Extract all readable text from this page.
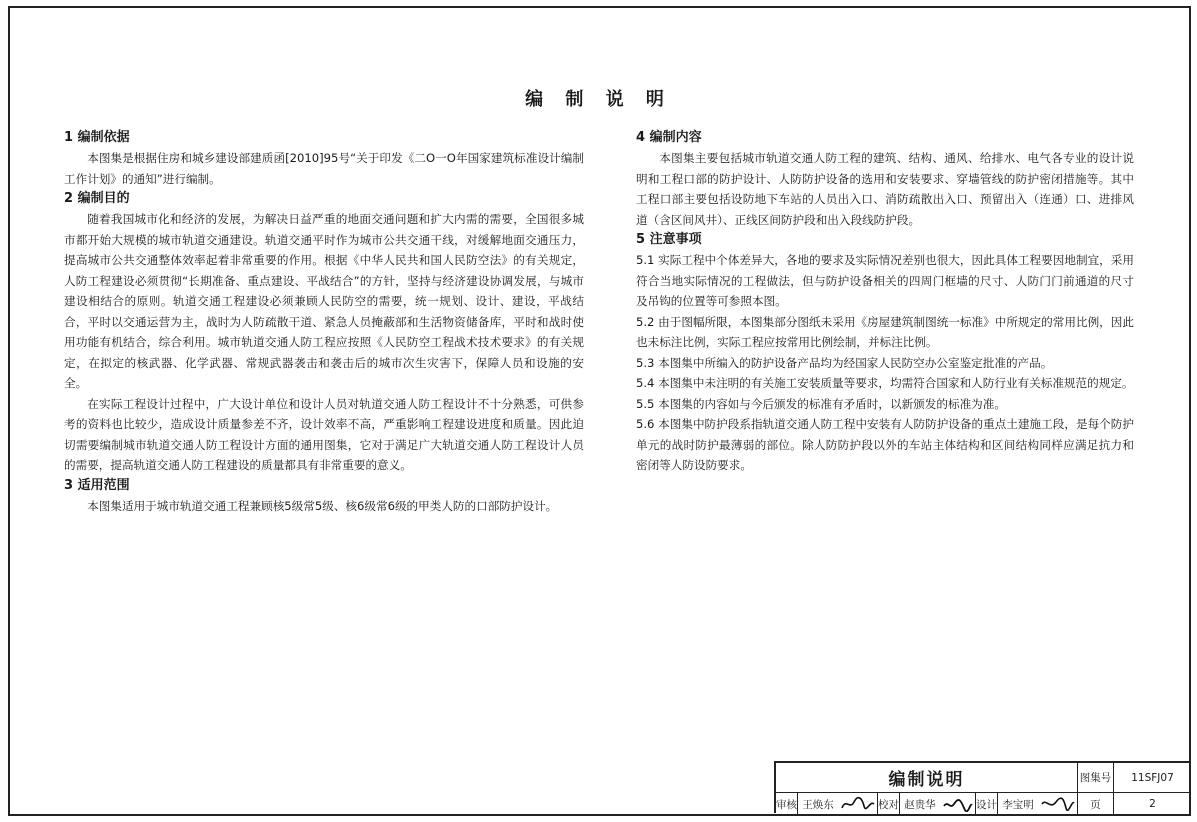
编 制 说 明
1 编制依据
本图集是根据住房和城乡建设部建质函[2010]95号“关于印发《二O一O年国家建筑标准设计编制工作计划》的通知”进行编制。
2 编制目的
随着我国城市化和经济的发展，为解决日益严重的地面交通问题和扩大内需的需要，全国很多城市都开始大规模的城市轨道交通建设。轨道交通平时作为城市公共交通干线，对缓解地面交通压力，提高城市公共交通整体效率起着非常重要的作用。根据《中华人民共和国人民防空法》的有关规定，人防工程建设必须贯彻“长期准备、重点建设、平战结合”的方针，坚持与经济建设协调发展，与城市建设相结合的原则。轨道交通工程建设必须兼顾人民防空的需要，统一规划、设计、建设，平战结合，平时以交通运营为主，战时为人防疏散干道、紧急人员掩蔽部和生活物资储备库，平时和战时使用功能有机结合，综合利用。城市轨道交通人防工程应按照《人民防空工程战术技术要求》的有关规定，在拟定的核武器、化学武器、常规武器袭击和袭击后的城市次生灾害下，保障人员和设施的安全。
在实际工程设计过程中，广大设计单位和设计人员对轨道交通人防工程设计不十分熟悉，可供参考的资料也比较少，造成设计质量参差不齐，设计效率不高，严重影响工程建设进度和质量。因此迫切需要编制城市轨道交通人防工程设计方面的通用图集，它对于满足广大轨道交通人防工程设计人员的需要，提高轨道交通人防工程建设的质量都具有非常重要的意义。
3 适用范围
本图集适用于城市轨道交通工程兼顾核5级常5级、核6级常6级的甲类人防的口部防护设计。
4 编制内容
本图集主要包括城市轨道交通人防工程的建筑、结构、通风、给排水、电气各专业的设计说明和工程口部的防护设计、人防防护设备的选用和安装要求、穿墙管线的防护密闭措施等。其中工程口部主要包括设防地下车站的人员出入口、消防疏散出入口、预留出入（连通）口、进排风道（含区间风井）、正线区间防护段和出入段线防护段。
5 注意事项
5.1 实际工程中个体差异大，各地的要求及实际情况差别也很大，因此具体工程要因地制宜，采用符合当地实际情况的工程做法，但与防护设备相关的四周门框墙的尺寸、人防门门前通道的尺寸及吊钩的位置等可参照本图。
5.2 由于图幅所限，本图集部分图纸未采用《房屋建筑制图统一标准》中所规定的常用比例，因此也未标注比例，实际工程应按常用比例绘制，并标注比例。
5.3 本图集中所编入的防护设备产品均为经国家人民防空办公室鉴定批准的产品。
5.4 本图集中未注明的有关施工安装质量等要求，均需符合国家和人防行业有关标准规范的规定。
5.5 本图集的内容如与今后颁发的标准有矛盾时，以新颁发的标准为准。
5.6 本图集中防护段系指轨道交通人防工程中安装有人防防护设备的重点土建施工段，是每个防护单元的战时防护最薄弱的部位。除人防防护段以外的车站主体结构和区间结构同样应满足抗力和密闭等人防设防要求。
编制说明	图集号	11SFJ07
审核 王焕东	校对 赵贵华	设计 李宝明	页	2
